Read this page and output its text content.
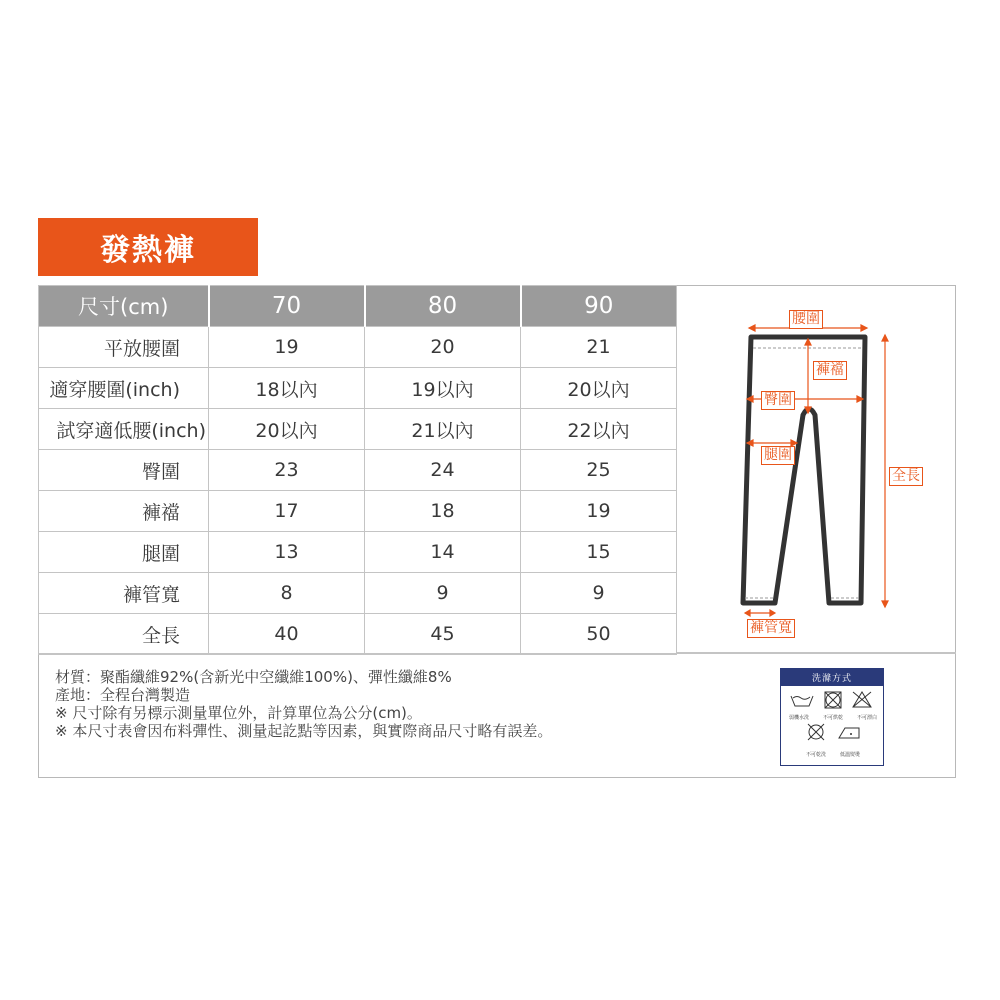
發熱褲
尺寸(cm)	70	80	90
平放腰圍	19	20	21
適穿腰圍(inch)	18以內	19以內	20以內
試穿適低腰(inch)	20以內	21以內	22以內
臀圍	23	24	25
褲襠	17	18	19
腿圍	13	14	15
褲管寬	8	9	9
全長	40	45	50
腰圍
褲襠
臀圍
腿圍
全長
褲管寬
材質：聚酯纖維92%(含新光中空纖維100%)、彈性纖維8%
產地：全程台灣製造
※ 尺寸除有另標示測量單位外，計算單位為公分(cm)。
※ 本尺寸表會因布料彈性、測量起訖點等因素，與實際商品尺寸略有誤差。
洗滌方式
弱機水洗	不可烘乾	不可漂白
不可乾洗	低溫熨燙
